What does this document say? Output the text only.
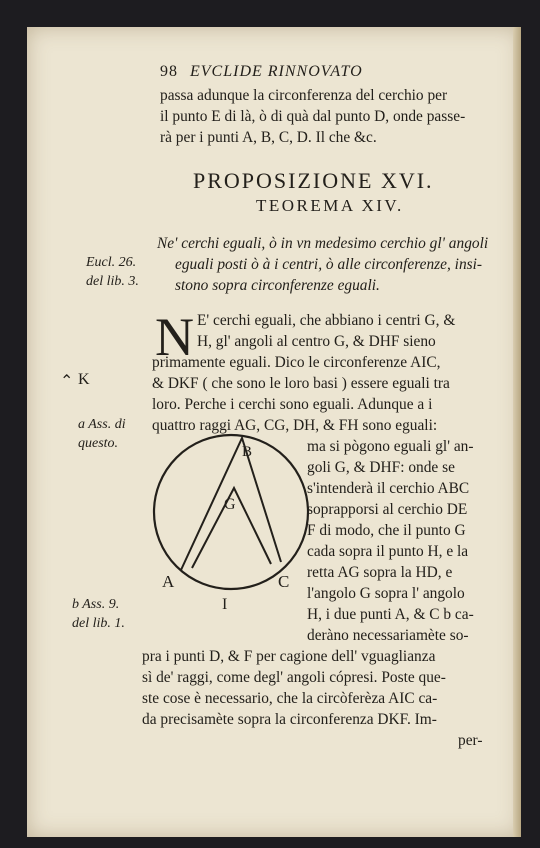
98 EVCLIDE RINNOVATO
passa adunque la circonferenza del cerchio per
il punto E di là, ò di quà dal punto D, onde passe-
rà per i punti A, B, C, D. Il che &c.
PROPOSIZIONE XVI.
TEOREMA XIV.
Ne' cerchi eguali, ò in vn medesimo cerchio gl' angoli
eguali posti ò à i centri, ò alle circonferenze, insi-
stono sopra circonferenze eguali.
Eucl. 26.
del lib. 3.
⌃ K
a Ass. di
questo.
b Ass. 9.
del lib. 1.
N E' cerchi eguali, che abbiano i centri G, &
H, gl' angoli al centro G, & DHF sieno
primamente eguali. Dico le circonferenze AIC,
& DKF ( che sono le loro basi ) essere eguali tra
loro. Perche i cerchi sono eguali. Adunque a i
quattro raggi AG, CG, DH, & FH sono eguali:
ma si pògono eguali gl' an-
goli G, & DHF: onde se
s'intenderà il cerchio ABC
soprapporsi al cerchio DE
F di modo, che il punto G
cada sopra il punto H, e la
retta AG sopra la HD, e
l'angolo G sopra l' angolo
H, i due punti A, & C b ca-
deràno necessariamète so-
pra i punti D, & F per cagione dell' vguaglianza
sì de' raggi, come degl' angoli cópresi. Poste que-
ste cose è necessario, che la circòferèza AIC ca-
da precisamète sopra la circonferenza DKF. Im-
per-
B
G
A	C
I
